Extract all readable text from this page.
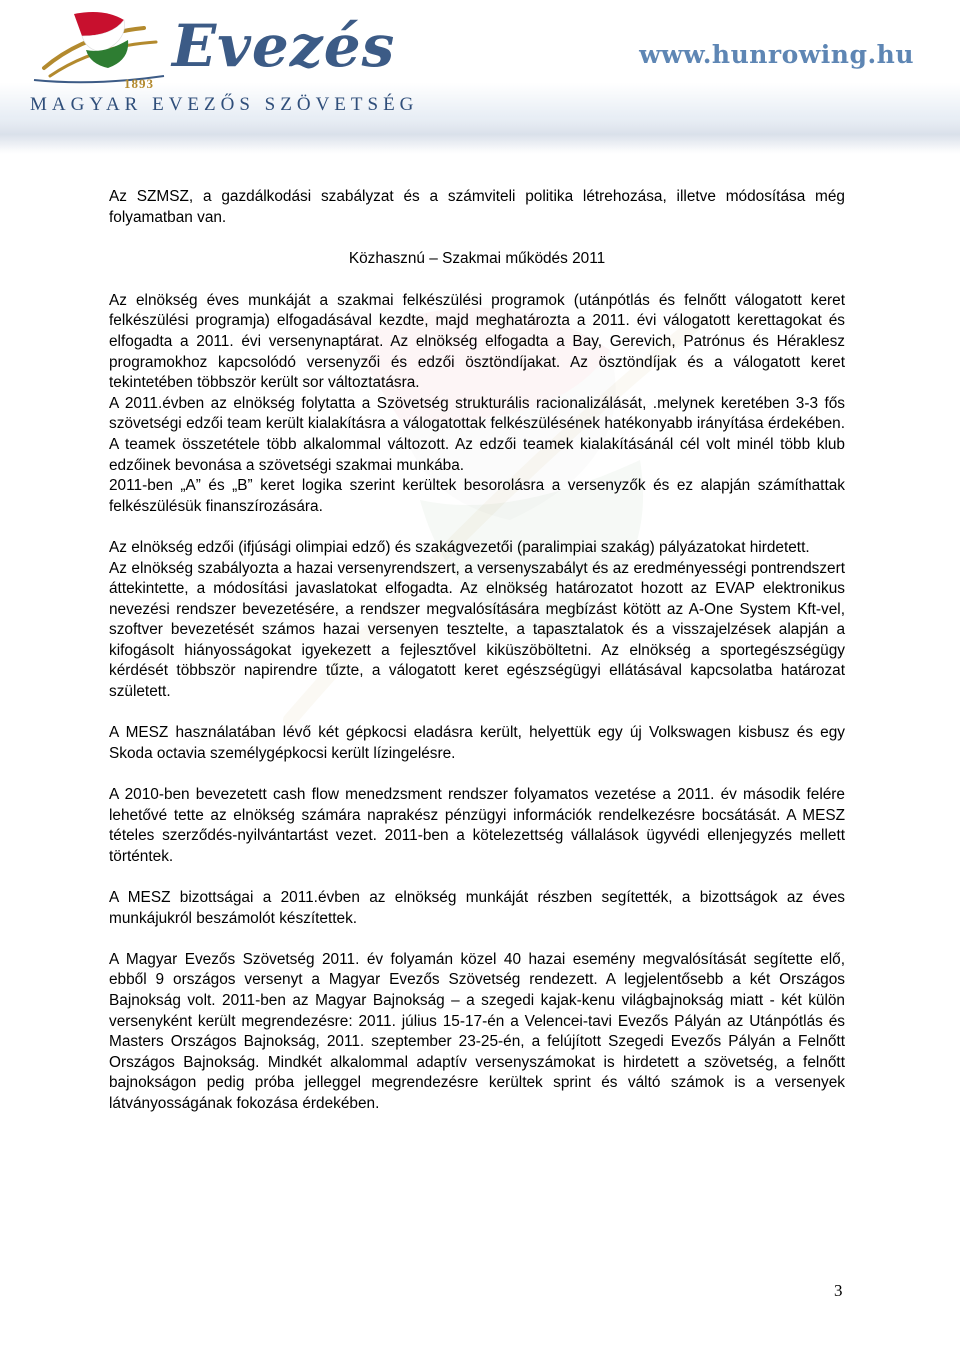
Evezés
1893
MAGYAR EVEZŐS SZÖVETSÉG
www.hunrowing.hu

Az SZMSZ, a gazdálkodási szabályzat és a számviteli politika létrehozása, illetve módosítása még folyamatban van.

Közhasznú – Szakmai működés 2011

Az elnökség éves munkáját a szakmai felkészülési programok (utánpótlás és felnőtt válogatott keret felkészülési programja) elfogadásával kezdte, majd meghatározta a 2011. évi válogatott kerettagokat és elfogadta a 2011. évi versenynaptárat. Az elnökség elfogadta a Bay, Gerevich, Patrónus és Héraklesz programokhoz kapcsolódó versenyzői és edzői ösztöndíjakat. Az ösztöndíjak és a válogatott keret tekintetében többször került sor változtatásra.

A 2011.évben az elnökség folytatta a Szövetség strukturális racionalizálását, .melynek keretében 3-3 fős szövetségi edzői team került kialakításra a válogatottak felkészülésének hatékonyabb irányítása érdekében. A teamek összetétele több alkalommal változott. Az edzői teamek kialakításánál cél volt minél több klub edzőinek bevonása a szövetségi szakmai munkába.

2011-ben „A” és „B” keret logika szerint kerültek besorolásra a versenyzők és ez alapján számíthattak felkészülésük finanszírozására.

Az elnökség edzői (ifjúsági olimpiai edző) és szakágvezetői (paralimpiai szakág) pályázatokat hirdetett.

Az elnökség szabályozta a hazai versenyrendszert, a versenyszabályt és az eredményességi pontrendszert áttekintette, a módosítási javaslatokat elfogadta. Az elnökség határozatot hozott az EVAP elektronikus nevezési rendszer bevezetésére, a rendszer megvalósítására megbízást kötött az A-One System Kft-vel, szoftver bevezetését számos hazai versenyen tesztelte, a tapasztalatok és a visszajelzések alapján a kifogásolt hiányosságokat igyekezett a fejlesztővel kiküszöböltetni. Az elnökség a sportegészségügy kérdését többször napirendre tűzte, a válogatott keret egészségügyi ellátásával kapcsolatba határozat született.

A MESZ használatában lévő két gépkocsi eladásra került, helyettük egy új Volkswagen kisbusz és egy Skoda octavia személygépkocsi került lízingelésre.

A 2010-ben bevezetett cash flow menedzsment rendszer folyamatos vezetése a 2011. év második felére lehetővé tette az elnökség számára naprakész pénzügyi információk rendelkezésre bocsátását. A MESZ tételes szerződés-nyilvántartást vezet. 2011-ben a kötelezettség vállalások ügyvédi ellenjegyzés mellett történtek.

A MESZ bizottságai a 2011.évben az elnökség munkáját részben segítették, a bizottságok az éves munkájukról beszámolót készítettek.

A Magyar Evezős Szövetség 2011. év folyamán közel 40 hazai esemény megvalósítását segítette elő, ebből 9 országos versenyt a Magyar Evezős Szövetség rendezett. A legjelentősebb a két Országos Bajnokság volt. 2011-ben az Magyar Bajnokság – a szegedi kajak-kenu világbajnokság miatt - két külön versenyként került megrendezésre: 2011. július 15-17-én a Velencei-tavi Evezős Pályán az Utánpótlás és Masters Országos Bajnokság, 2011. szeptember 23-25-én, a felújított Szegedi Evezős Pályán a Felnőtt Országos Bajnokság. Mindkét alkalommal adaptív versenyszámokat is hirdetett a szövetség, a felnőtt bajnokságon pedig próba jelleggel megrendezésre kerültek sprint és váltó számok is a versenyek látványosságának fokozása érdekében.

3
